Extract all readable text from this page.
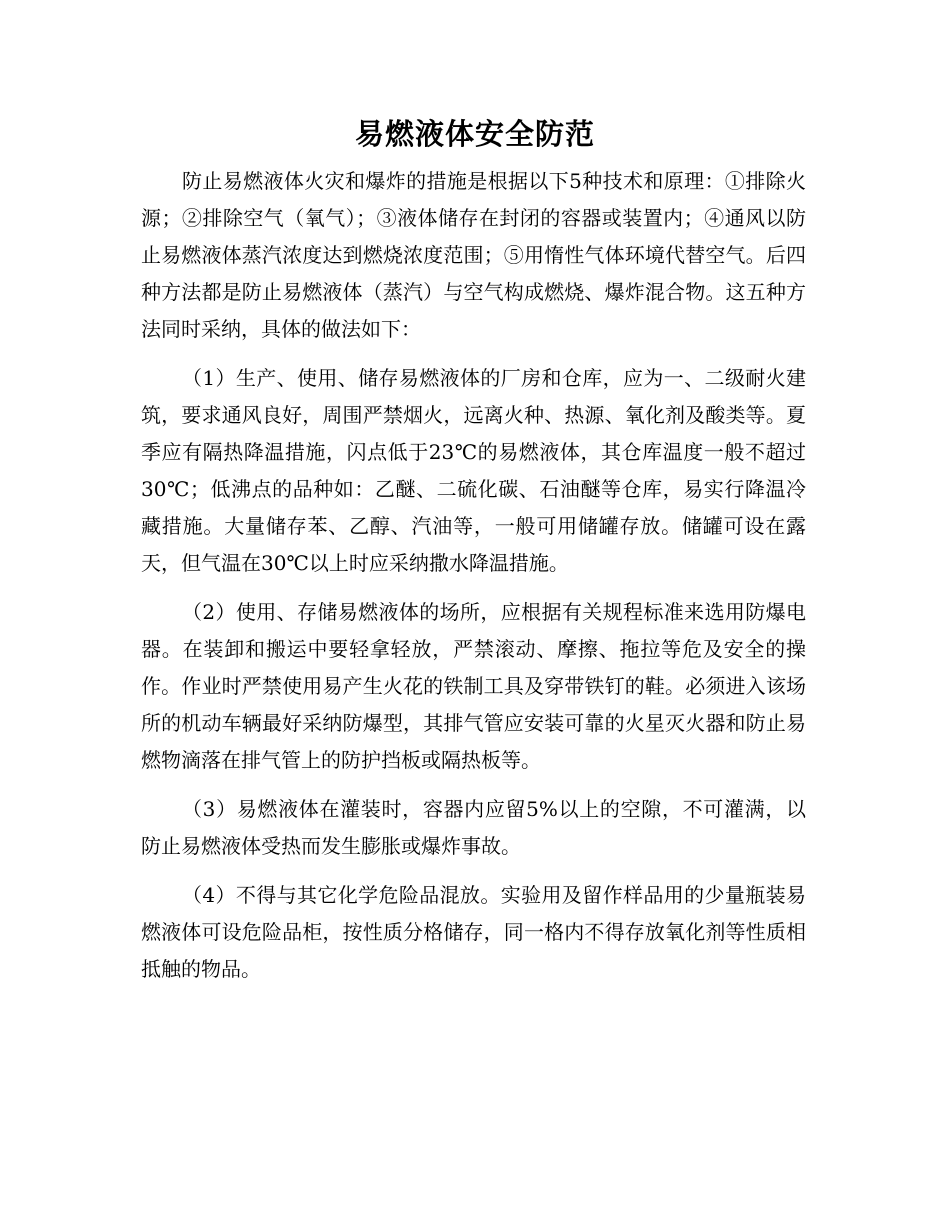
易燃液体安全防范

防止易燃液体火灾和爆炸的措施是根据以下5种技术和原理：①排除火源；②排除空气（氧气）；③液体储存在封闭的容器或装置内；④通风以防止易燃液体蒸汽浓度达到燃烧浓度范围；⑤用惰性气体环境代替空气。后四种方法都是防止易燃液体（蒸汽）与空气构成燃烧、爆炸混合物。这五种方法同时采纳，具体的做法如下：

（1）生产、使用、储存易燃液体的厂房和仓库，应为一、二级耐火建筑，要求通风良好，周围严禁烟火，远离火种、热源、氧化剂及酸类等。夏季应有隔热降温措施，闪点低于23℃的易燃液体，其仓库温度一般不超过30℃；低沸点的品种如：乙醚、二硫化碳、石油醚等仓库，易实行降温冷藏措施。大量储存苯、乙醇、汽油等，一般可用储罐存放。储罐可设在露天，但气温在30℃以上时应采纳撒水降温措施。

（2）使用、存储易燃液体的场所，应根据有关规程标准来选用防爆电器。在装卸和搬运中要轻拿轻放，严禁滚动、摩擦、拖拉等危及安全的操作。作业时严禁使用易产生火花的铁制工具及穿带铁钉的鞋。必须进入该场所的机动车辆最好采纳防爆型，其排气管应安装可靠的火星灭火器和防止易燃物滴落在排气管上的防护挡板或隔热板等。

（3）易燃液体在灌装时，容器内应留5%以上的空隙，不可灌满，以防止易燃液体受热而发生膨胀或爆炸事故。

（4）不得与其它化学危险品混放。实验用及留作样品用的少量瓶装易燃液体可设危险品柜，按性质分格储存，同一格内不得存放氧化剂等性质相抵触的物品。
